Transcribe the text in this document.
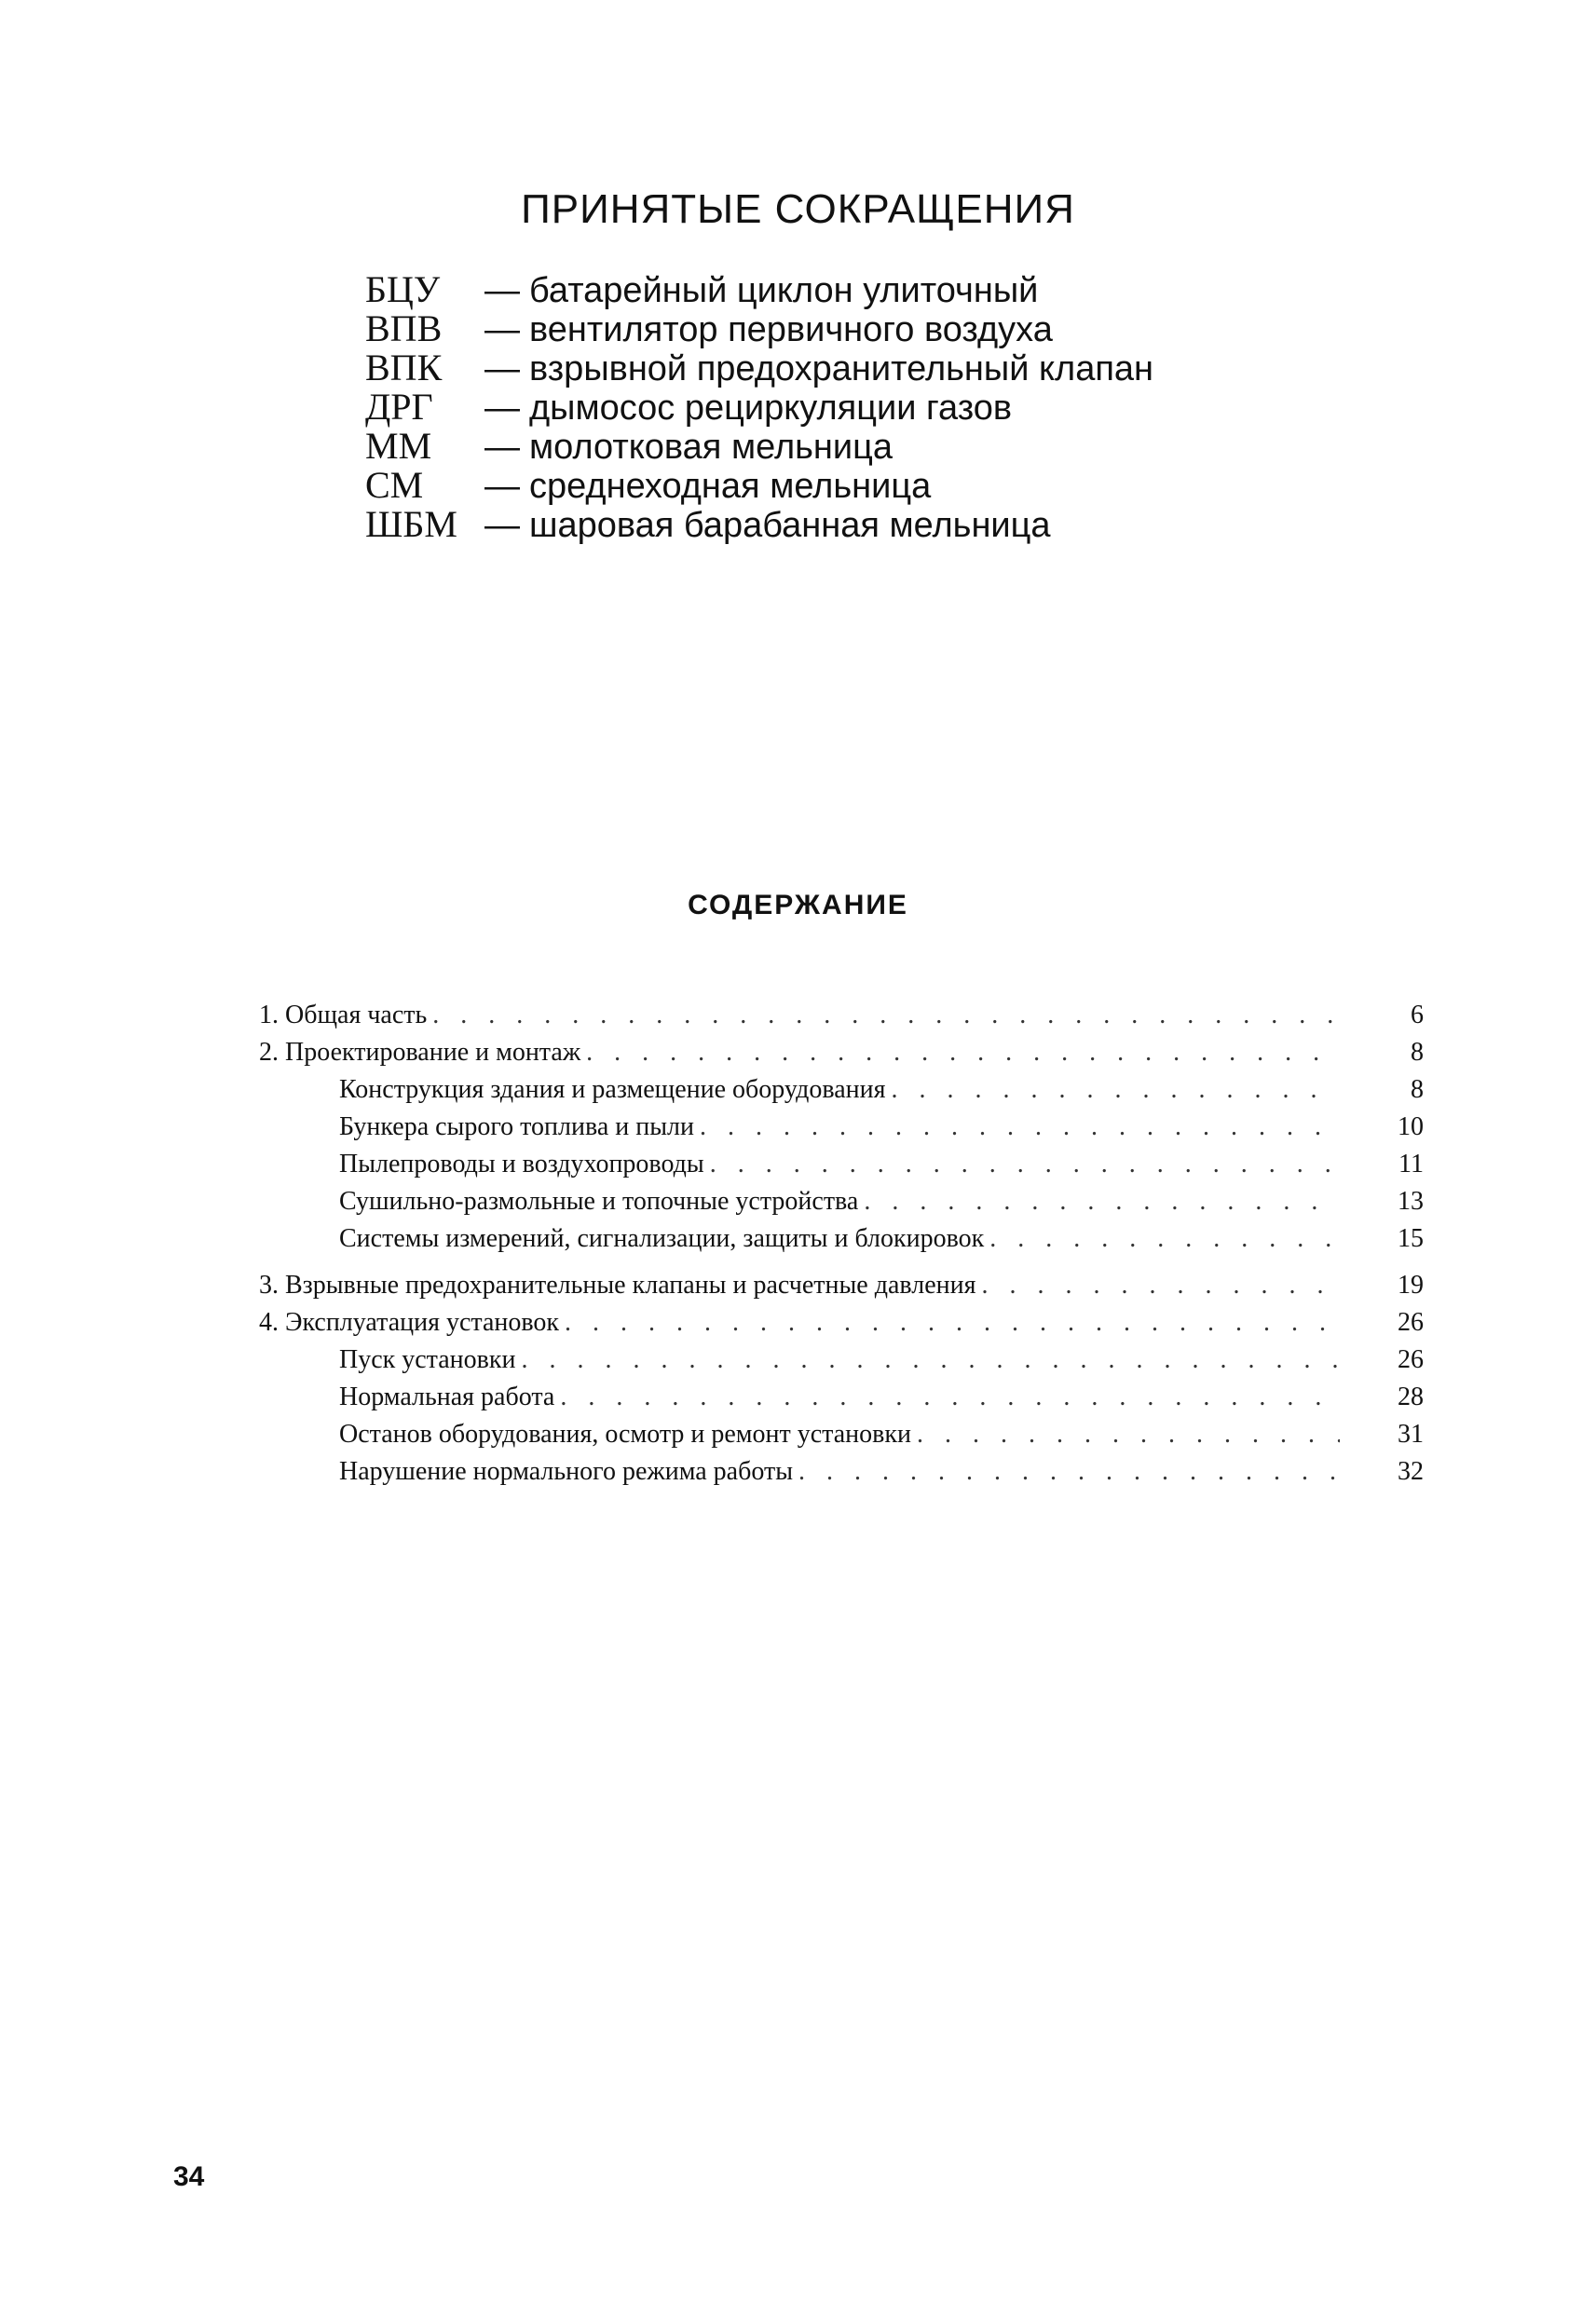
ПРИНЯТЫЕ СОКРАЩЕНИЯ
БЦУ	— батарейный циклон улиточный
ВПВ	— вентилятор первичного воздуха
ВПК	— взрывной предохранительный клапан
ДРГ	— дымосос рециркуляции газов
ММ	— молотковая мельница
СМ	— среднеходная мельница
ШБМ — шаровая барабанная мельница
СОДЕРЖАНИЕ
1. Общая часть . . .	6
2. Проектирование и монтаж . . .	8
Конструкция здания и размещение оборудования . . .	8
Бункера сырого топлива и пыли . . .	10
Пылепроводы и воздухопроводы . . .	11
Сушильно-размольные и топочные устройства . . .	13
Системы измерений, сигнализации, защиты и блокировок . . .	15
3. Взрывные предохранительные клапаны и расчетные давления . . .	19
4. Эксплуатация установок . . .	26
Пуск установки . . .	26
Нормальная работа . . .	28
Останов оборудования, осмотр и ремонт установки . . .	31
Нарушение нормального режима работы . . .	32
34
